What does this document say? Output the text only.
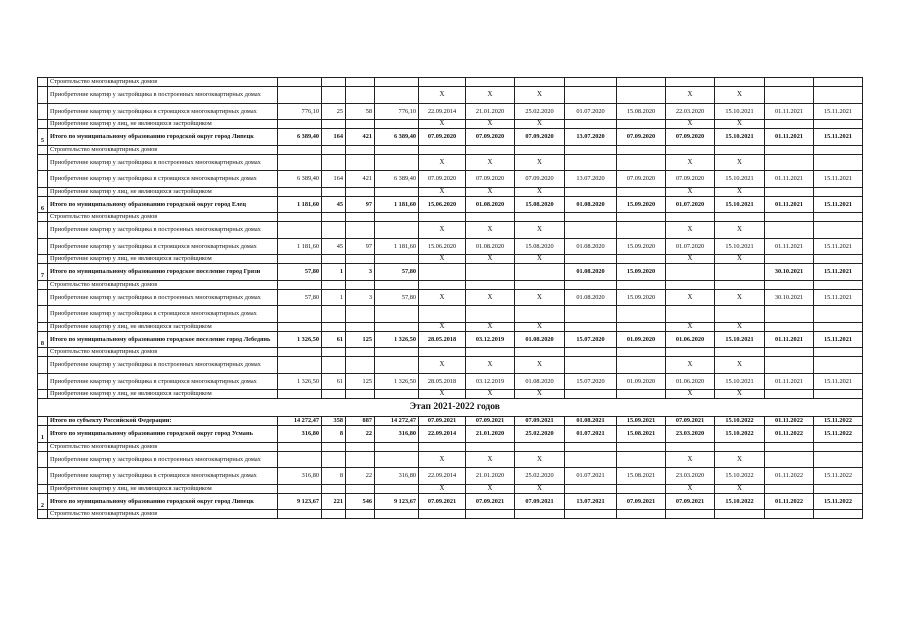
	Строительство многоквартирных домов														
	Приобретение квартир у застройщика в построенных многоквартирных домах					X	X	X			X	X			
	Приобретение квартир у застройщика в строящихся многоквартирных домах	776,10	25	58	776,10	22.09.2014	21.01.2020	25.02.2020	01.07.2020	15.08.2020	22.03.2020	15.10.2021	01.11.2021	15.11.2021	
	Приобретение квартир у лиц, не являющихся застройщиком					X	X	X			X	X			
5	Итого по муниципальному образованию городской округ город Липецк	6 389,40	164	421	6 389,40	07.09.2020	07.09.2020	07.09.2020	13.07.2020	07.09.2020	07.09.2020	15.10.2021	01.11.2021	15.11.2021	
	Строительство многоквартирных домов														
	Приобретение квартир у застройщика в построенных многоквартирных домах					X	X	X			X	X			
	Приобретение квартир у застройщика в строящихся многоквартирных домах	6 389,40	164	421	6 389,40	07.09.2020	07.09.2020	07.09.2020	13.07.2020	07.09.2020	07.09.2020	15.10.2021	01.11.2021	15.11.2021	
	Приобретение квартир у лиц, не являющихся застройщиком					X	X	X			X	X			
6	Итого по муниципальному образованию городской округ город Елец	1 181,60	45	97	1 181,60	15.06.2020	01.08.2020	15.08.2020	01.08.2020	15.09.2020	01.07.2020	15.10.2021	01.11.2021	15.11.2021	
	Строительство многоквартирных домов														
	Приобретение квартир у застройщика в построенных многоквартирных домах					X	X	X			X	X			
	Приобретение квартир у застройщика в строящихся многоквартирных домах	1 181,60	45	97	1 181,60	15.06.2020	01.08.2020	15.08.2020	01.08.2020	15.09.2020	01.07.2020	15.10.2021	01.11.2021	15.11.2021	
	Приобретение квартир у лиц, не являющихся застройщиком					X	X	X			X	X			
7	Итого по муниципальному образованию городское поселение город Грязи	57,80	1	3	57,80				01.08.2020	15.09.2020			30.10.2021	15.11.2021	
	Строительство многоквартирных домов														
	Приобретение квартир у застройщика в построенных многоквартирных домах	57,80	1	3	57,80	X	X	X	01.08.2020	15.09.2020	X	X	30.10.2021	15.11.2021	
	Приобретение квартир у застройщика в строящихся многоквартирных домах														
	Приобретение квартир у лиц, не являющихся застройщиком					X	X	X			X	X			
8	Итого по муниципальному образованию городское поселение город Лебедянь	1 326,50	61	125	1 326,50	28.05.2018	03.12.2019	01.08.2020	15.07.2020	01.09.2020	01.06.2020	15.10.2021	01.11.2021	15.11.2021	
	Строительство многоквартирных домов														
	Приобретение квартир у застройщика в построенных многоквартирных домах					X	X	X			X	X			
	Приобретение квартир у застройщика в строящихся многоквартирных домах	1 326,50	61	125	1 326,50	28.05.2018	03.12.2019	01.08.2020	15.07.2020	01.09.2020	01.06.2020	15.10.2021	01.11.2021	15.11.2021	
	Приобретение квартир у лиц, не являющихся застройщиком					X	X	X			X	X			
	Этап 2021-2022 годов														
	Итого по субъекту Российской Федерации:	14 272,47	358	887	14 272,47	07.09.2021	07.09.2021	07.09.2021	01.08.2021	15.09.2021	07.09.2021	15.10.2022	01.11.2022	15.11.2022	
1	Итого по муниципальному образованию городской округ город Усмань	316,80	8	22	316,80	22.09.2014	21.01.2020	25.02.2020	01.07.2021	15.08.2021	23.03.2020	15.10.2022	01.11.2022	15.11.2022	
	Строительство многоквартирных домов														
	Приобретение квартир у застройщика в построенных многоквартирных домах					X	X	X			X	X			
	Приобретение квартир у застройщика в строящихся многоквартирных домах	316,80	8	22	316,80	22.09.2014	21.01.2020	25.02.2020	01.07.2021	15.08.2021	23.03.2020	15.10.2022	01.11.2022	15.11.2022	
	Приобретение квартир у лиц, не являющихся застройщиком					X	X	X			X	X			
2	Итого по муниципальному образованию городской округ город Липецк	9 123,67	221	546	9 123,67	07.09.2021	07.09.2021	07.09.2021	13.07.2021	07.09.2021	07.09.2021	15.10.2022	01.11.2022	15.11.2022	
	Строительство многоквартирных домов														
